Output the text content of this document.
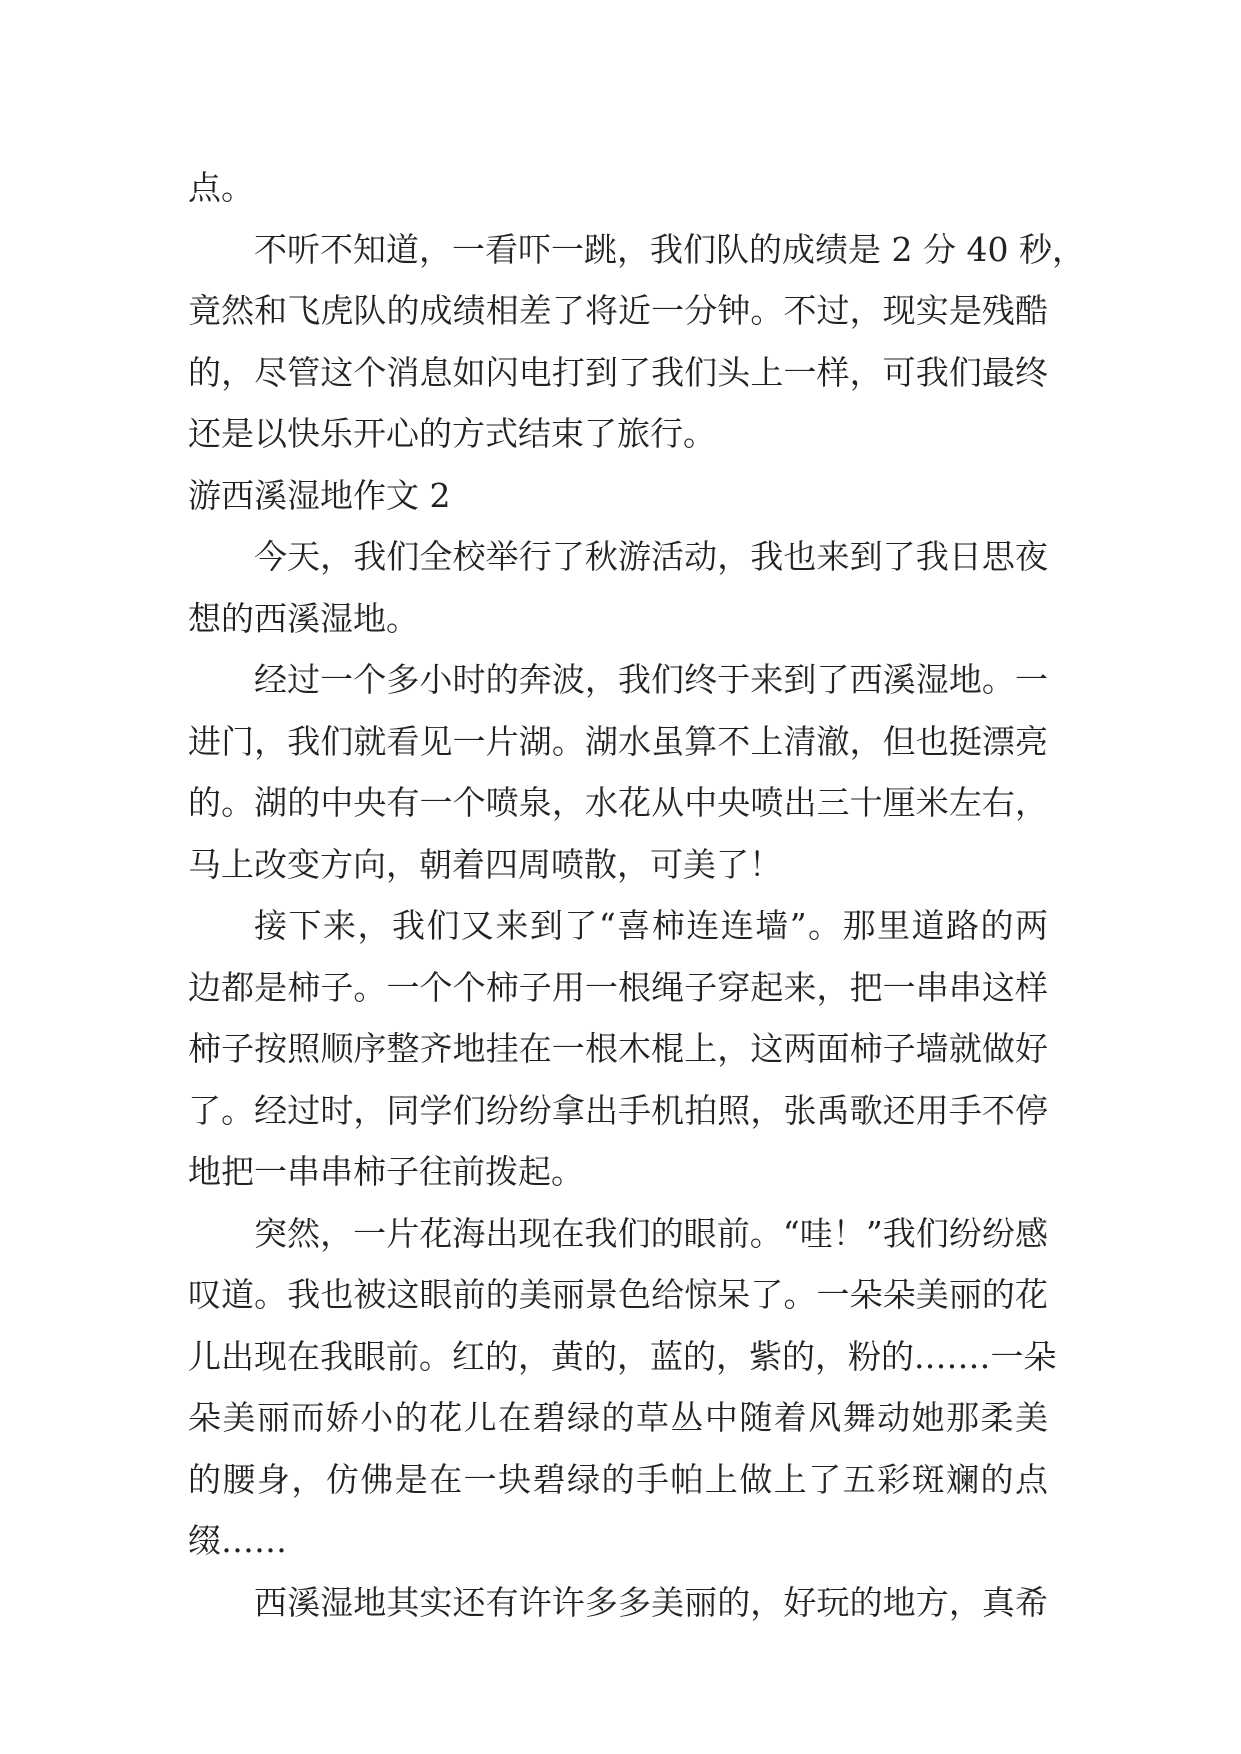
点。
不听不知道，一看吓一跳，我们队的成绩是 2 分 40 秒，
竟然和飞虎队的成绩相差了将近一分钟。不过，现实是残酷
的，尽管这个消息如闪电打到了我们头上一样，可我们最终
还是以快乐开心的方式结束了旅行。
游西溪湿地作文 2
今天，我们全校举行了秋游活动，我也来到了我日思夜
想的西溪湿地。
经过一个多小时的奔波，我们终于来到了西溪湿地。一
进门，我们就看见一片湖。湖水虽算不上清澈，但也挺漂亮
的。湖的中央有一个喷泉，水花从中央喷出三十厘米左右，
马上改变方向，朝着四周喷散，可美了！
接下来，我们又来到了“喜柿连连墙”。那里道路的两
边都是柿子。一个个柿子用一根绳子穿起来，把一串串这样
柿子按照顺序整齐地挂在一根木棍上，这两面柿子墙就做好
了。经过时，同学们纷纷拿出手机拍照，张禹歌还用手不停
地把一串串柿子往前拨起。
突然，一片花海出现在我们的眼前。“哇！”我们纷纷感
叹道。我也被这眼前的美丽景色给惊呆了。一朵朵美丽的花
儿出现在我眼前。红的，黄的，蓝的，紫的，粉的.……一朵
朵美丽而娇小的花儿在碧绿的草丛中随着风舞动她那柔美
的腰身，仿佛是在一块碧绿的手帕上做上了五彩斑斓的点
缀……
西溪湿地其实还有许许多多美丽的，好玩的地方，真希
